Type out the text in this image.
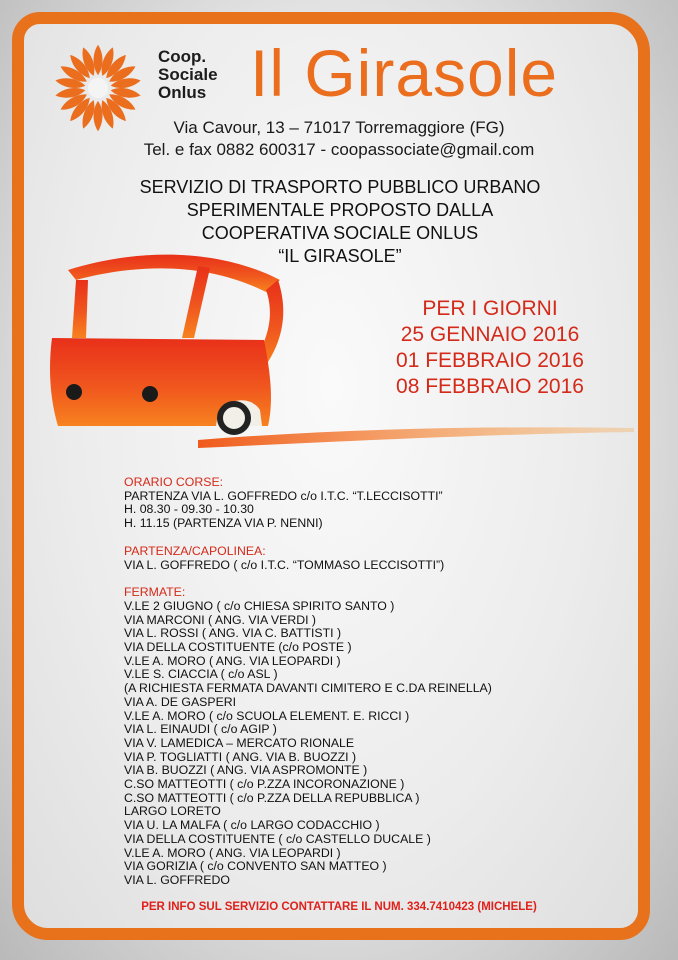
Coop.
Sociale
Onlus Il Girasole
Via Cavour, 13 – 71017 Torremaggiore (FG)
Tel. e fax 0882 600317 - coopassociate@gmail.com
SERVIZIO DI TRASPORTO PUBBLICO URBANO
SPERIMENTALE PROPOSTO DALLA
COOPERATIVA SOCIALE ONLUS
“IL GIRASOLE”
PER I GIORNI
25 GENNAIO 2016
01 FEBBRAIO 2016
08 FEBBRAIO 2016
ORARIO CORSE:
PARTENZA VIA L. GOFFREDO c/o I.T.C. “T.LECCISOTTI”
H. 08.30 - 09.30 - 10.30
H. 11.15 (PARTENZA VIA P. NENNI)
PARTENZA/CAPOLINEA:
VIA L. GOFFREDO ( c/o I.T.C. “TOMMASO LECCISOTTI”)
FERMATE:
V.LE 2 GIUGNO ( c/o CHIESA SPIRITO SANTO )
VIA MARCONI ( ANG. VIA VERDI )
VIA L. ROSSI ( ANG. VIA C. BATTISTI )
VIA DELLA COSTITUENTE (c/o POSTE )
V.LE A. MORO ( ANG. VIA LEOPARDI )
V.LE S. CIACCIA ( c/o ASL )
(A RICHIESTA FERMATA DAVANTI CIMITERO E C.DA REINELLA)
VIA A. DE GASPERI
V.LE A. MORO ( c/o SCUOLA ELEMENT. E. RICCI )
VIA L. EINAUDI ( c/o AGIP )
VIA V. LAMEDICA – MERCATO RIONALE
VIA P. TOGLIATTI ( ANG. VIA B. BUOZZI )
VIA B. BUOZZI ( ANG. VIA ASPROMONTE )
C.SO MATTEOTTI ( c/o P.ZZA INCORONAZIONE )
C.SO MATTEOTTI ( c/o P.ZZA DELLA REPUBBLICA )
LARGO LORETO
VIA U. LA MALFA ( c/o LARGO CODACCHIO )
VIA DELLA COSTITUENTE ( c/o CASTELLO DUCALE )
V.LE A. MORO ( ANG. VIA LEOPARDI )
VIA GORIZIA ( c/o CONVENTO SAN MATTEO )
VIA L. GOFFREDO
PER INFO SUL SERVIZIO CONTATTARE IL NUM. 334.7410423 (MICHELE)
